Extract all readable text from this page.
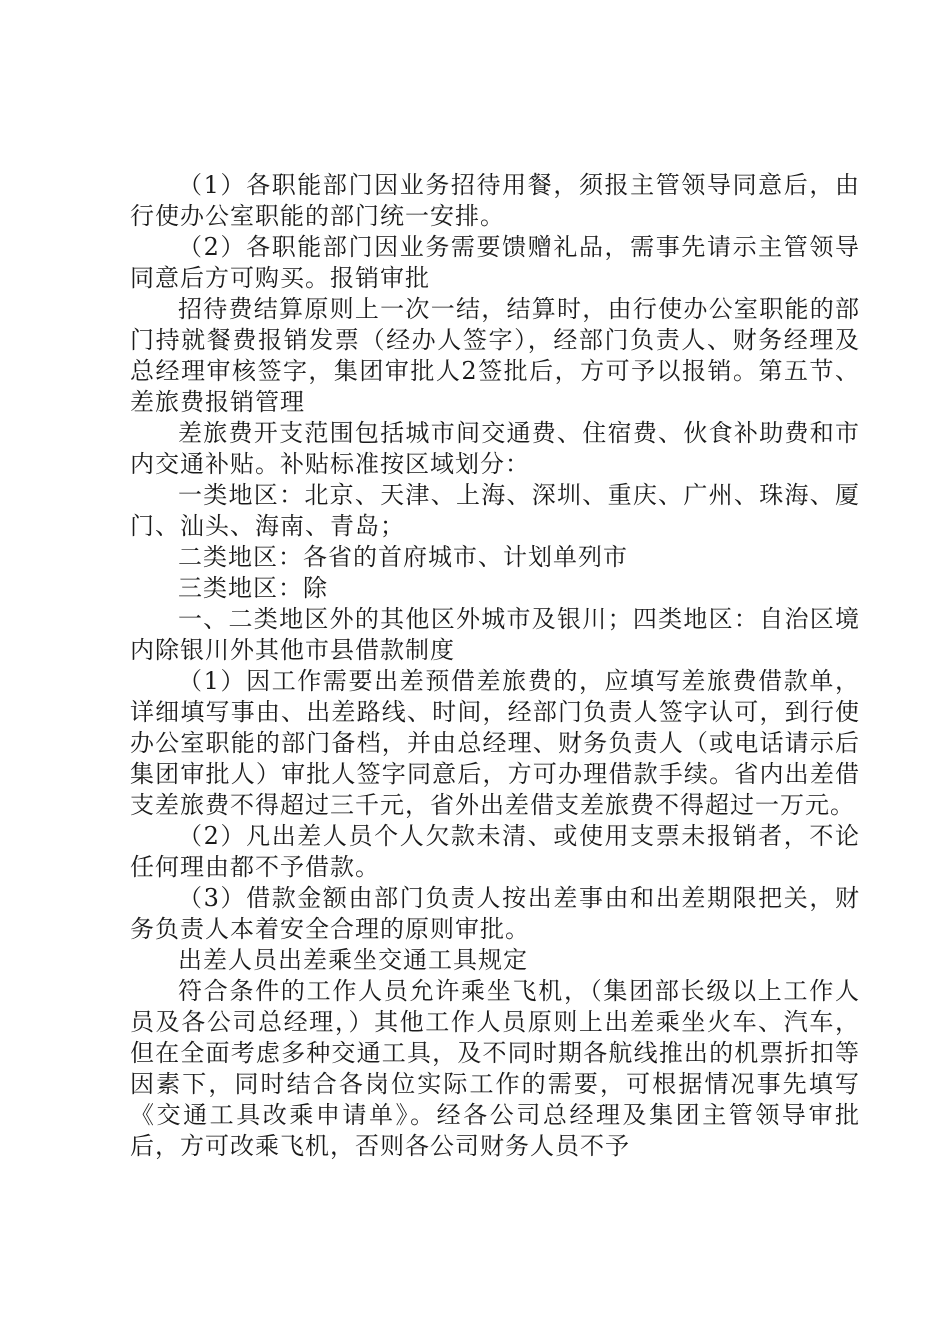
（1）各职能部门因业务招待用餐，须报主管领导同意后，由行使办公室职能的部门统一安排。

（2）各职能部门因业务需要馈赠礼品，需事先请示主管领导同意后方可购买。报销审批

招待费结算原则上一次一结，结算时，由行使办公室职能的部门持就餐费报销发票（经办人签字），经部门负责人、财务经理及总经理审核签字，集团审批人2签批后，方可予以报销。第五节、差旅费报销管理

差旅费开支范围包括城市间交通费、住宿费、伙食补助费和市内交通补贴。补贴标准按区域划分：

一类地区：北京、天津、上海、深圳、重庆、广州、珠海、厦门、汕头、海南、青岛；

二类地区：各省的首府城市、计划单列市

三类地区：除

一、二类地区外的其他区外城市及银川；四类地区：自治区境内除银川外其他市县借款制度

（1）因工作需要出差预借差旅费的，应填写差旅费借款单，详细填写事由、出差路线、时间，经部门负责人签字认可，到行使办公室职能的部门备档，并由总经理、财务负责人（或电话请示后集团审批人）审批人签字同意后，方可办理借款手续。省内出差借支差旅费不得超过三千元，省外出差借支差旅费不得超过一万元。

（2）凡出差人员个人欠款未清、或使用支票未报销者，不论任何理由都不予借款。

（3）借款金额由部门负责人按出差事由和出差期限把关，财务负责人本着安全合理的原则审批。

出差人员出差乘坐交通工具规定

符合条件的工作人员允许乘坐飞机，（集团部长级以上工作人员及各公司总经理，）其他工作人员原则上出差乘坐火车、汽车，但在全面考虑多种交通工具，及不同时期各航线推出的机票折扣等因素下，同时结合各岗位实际工作的需要，可根据情况事先填写《交通工具改乘申请单》。经各公司总经理及集团主管领导审批后，方可改乘飞机，否则各公司财务人员不予
